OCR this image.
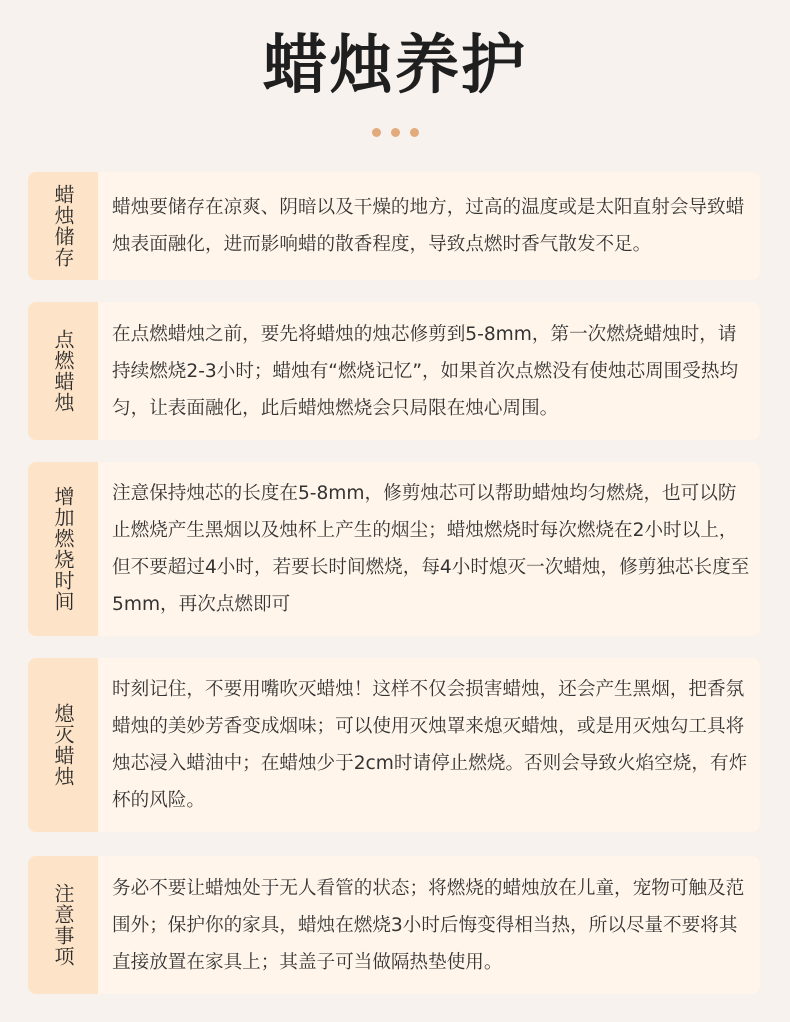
蜡烛养护
蜡烛储存 蜡烛要储存在凉爽、阴暗以及干燥的地方，过高的温度或是太阳直射会导致蜡烛表面融化，进而影响蜡的散香程度，导致点燃时香气散发不足。

点燃蜡烛 在点燃蜡烛之前，要先将蜡烛的烛芯修剪到5-8mm，第一次燃烧蜡烛时，请持续燃烧2-3小时；蜡烛有“燃烧记忆”，如果首次点燃没有使烛芯周围受热均匀，让表面融化，此后蜡烛燃烧会只局限在烛心周围。

增加燃烧时间 注意保持烛芯的长度在5-8mm，修剪烛芯可以帮助蜡烛均匀燃烧，也可以防止燃烧产生黑烟以及烛杯上产生的烟尘；蜡烛燃烧时每次燃烧在2小时以上，但不要超过4小时，若要长时间燃烧，每4小时熄灭一次蜡烛，修剪独芯长度至5mm，再次点燃即可

熄灭蜡烛

时刻记住，不要用嘴吹灭蜡烛！这样不仅会损害蜡烛，还会产生黑烟，把香氛蜡烛的美妙芳香变成烟味；可以使用灭烛罩来熄灭蜡烛，或是用灭烛勾工具将烛芯浸入蜡油中；在蜡烛少于2cm时请停止燃烧。否则会导致火焰空烧，有炸杯的风险。

注意事项 务必不要让蜡烛处于无人看管的状态；将燃烧的蜡烛放在儿童，宠物可触及范围外；保护你的家具，蜡烛在燃烧3小时后悔变得相当热，所以尽量不要将其直接放置在家具上；其盖子可当做隔热垫使用。
